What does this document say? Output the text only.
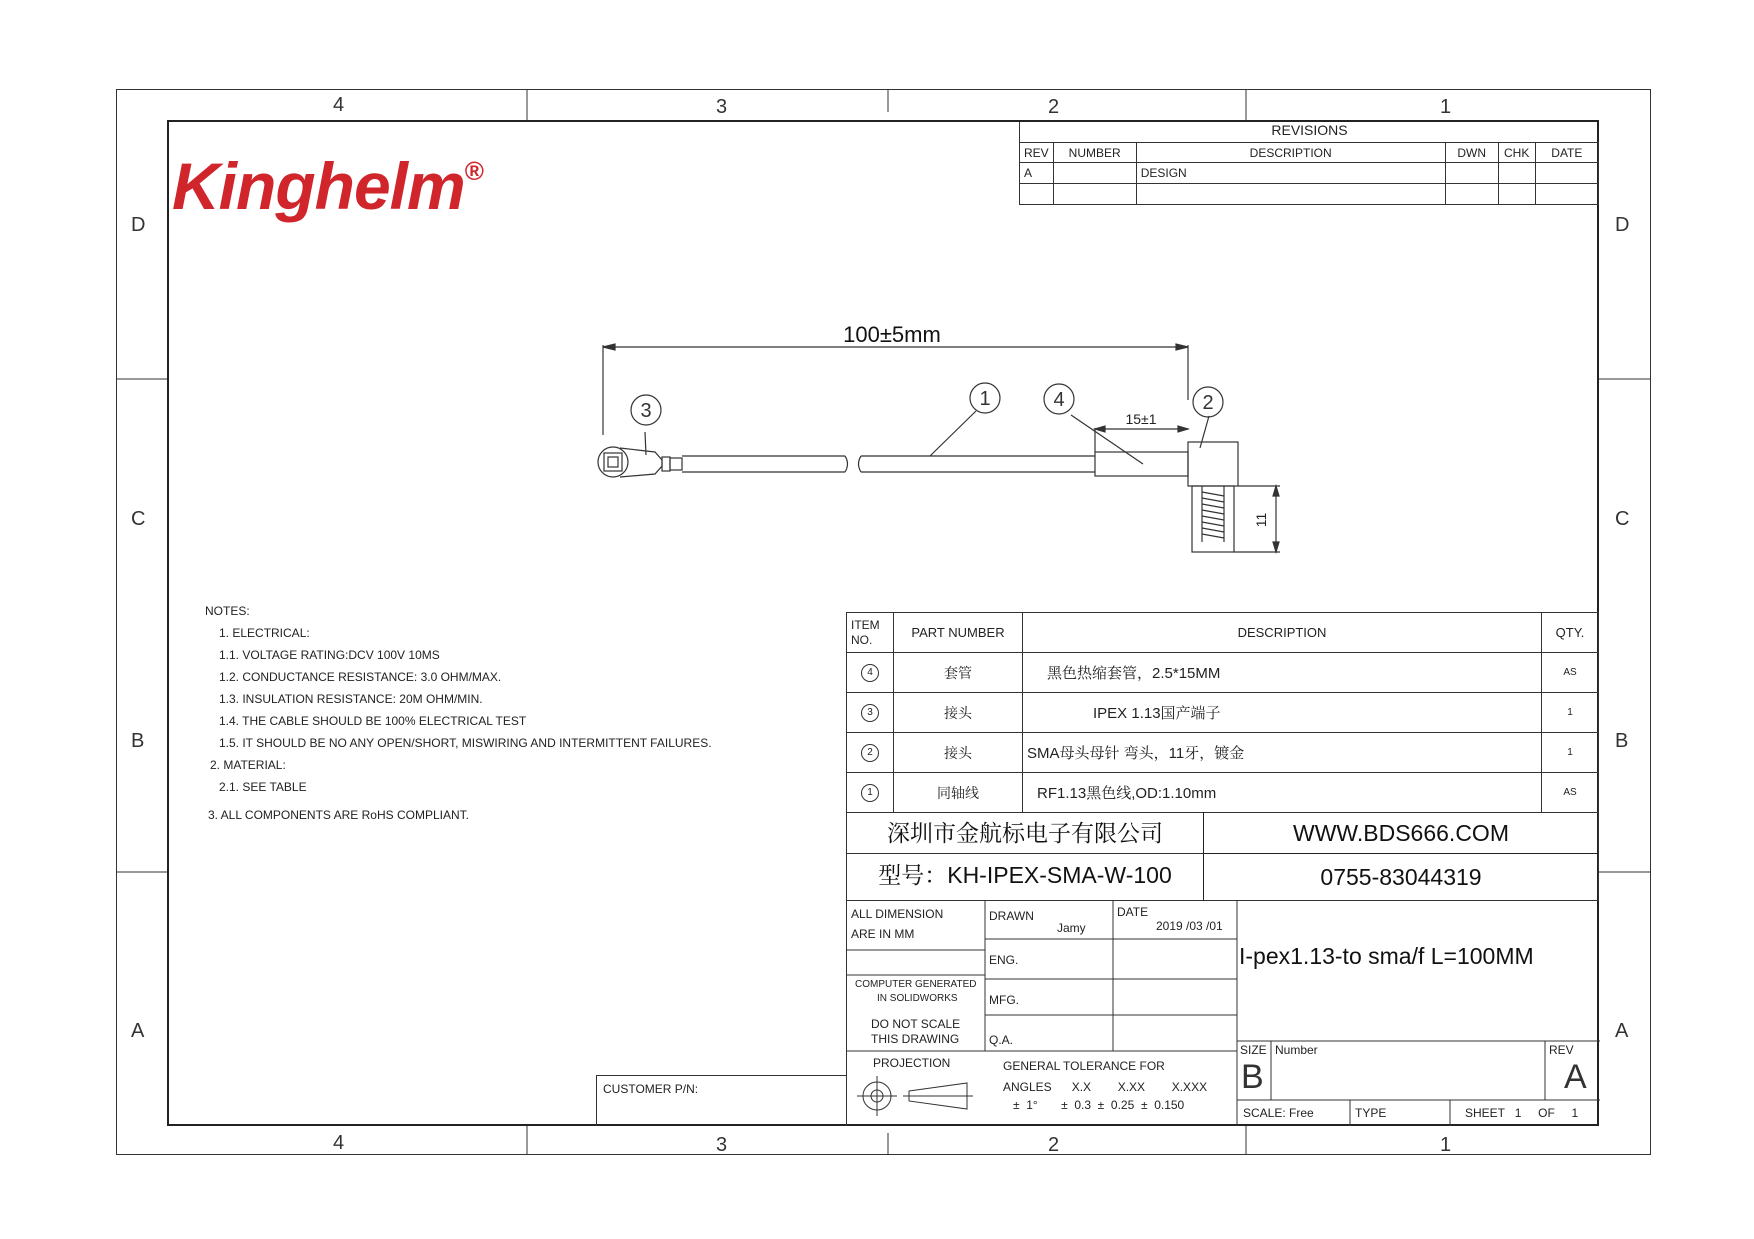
4	3	2	1
4	3	2	1
D
C
B
A
D
C
B
A
Kinghelm®
REVISIONS
REV	NUMBER	DESCRIPTION	DWN	CHK	DATE
A		DESIGN			

1	2
3	4
100±5mm
15±1
11
NOTES:
1. ELECTRICAL:
1.1. VOLTAGE RATING:DCV 100V 10MS
1.2. CONDUCTANCE RESISTANCE: 3.0 OHM/MAX.
1.3. INSULATION RESISTANCE: 20M OHM/MIN.
1.4. THE CABLE SHOULD BE 100% ELECTRICAL TEST
1.5. IT SHOULD BE NO ANY OPEN/SHORT, MISWIRING AND INTERMITTENT FAILURES.
2. MATERIAL:
2.1. SEE TABLE
3. ALL COMPONENTS ARE RoHS COMPLIANT.
ITEM NO.	PART NUMBER	DESCRIPTION	QTY.
4	套管	黑色热缩套管，2.5*15MM	AS
3	接头	IPEX 1.13国产端子	1
2	接头	SMA母头母针 弯头，11牙，镀金	1
1	同轴线	RF1.13黑色线,OD:1.10mm	AS
深圳市金航标电子有限公司
型号：KH-IPEX-SMA-W-100
WWW.BDS666.COM
0755-83044319
ALL DIMENSION
ARE IN MM
COMPUTER GENERATED
IN SOLIDWORKS
DO NOT SCALE
THIS DRAWING
PROJECTION
DRAWN
Jamy
DATE
2019 /03 /01
ENG.
MFG.
Q.A.
GENERAL TOLERANCE FOR
ANGLES      X.X        X.XX        X.XXX
±  1°       ±  0.3  ±  0.25  ±  0.150
I-pex1.13-to sma/f L=100MM
SIZE
B
Number	REV
A
SCALE: Free	TYPE	SHEET   1     OF     1
CUSTOMER P/N:
